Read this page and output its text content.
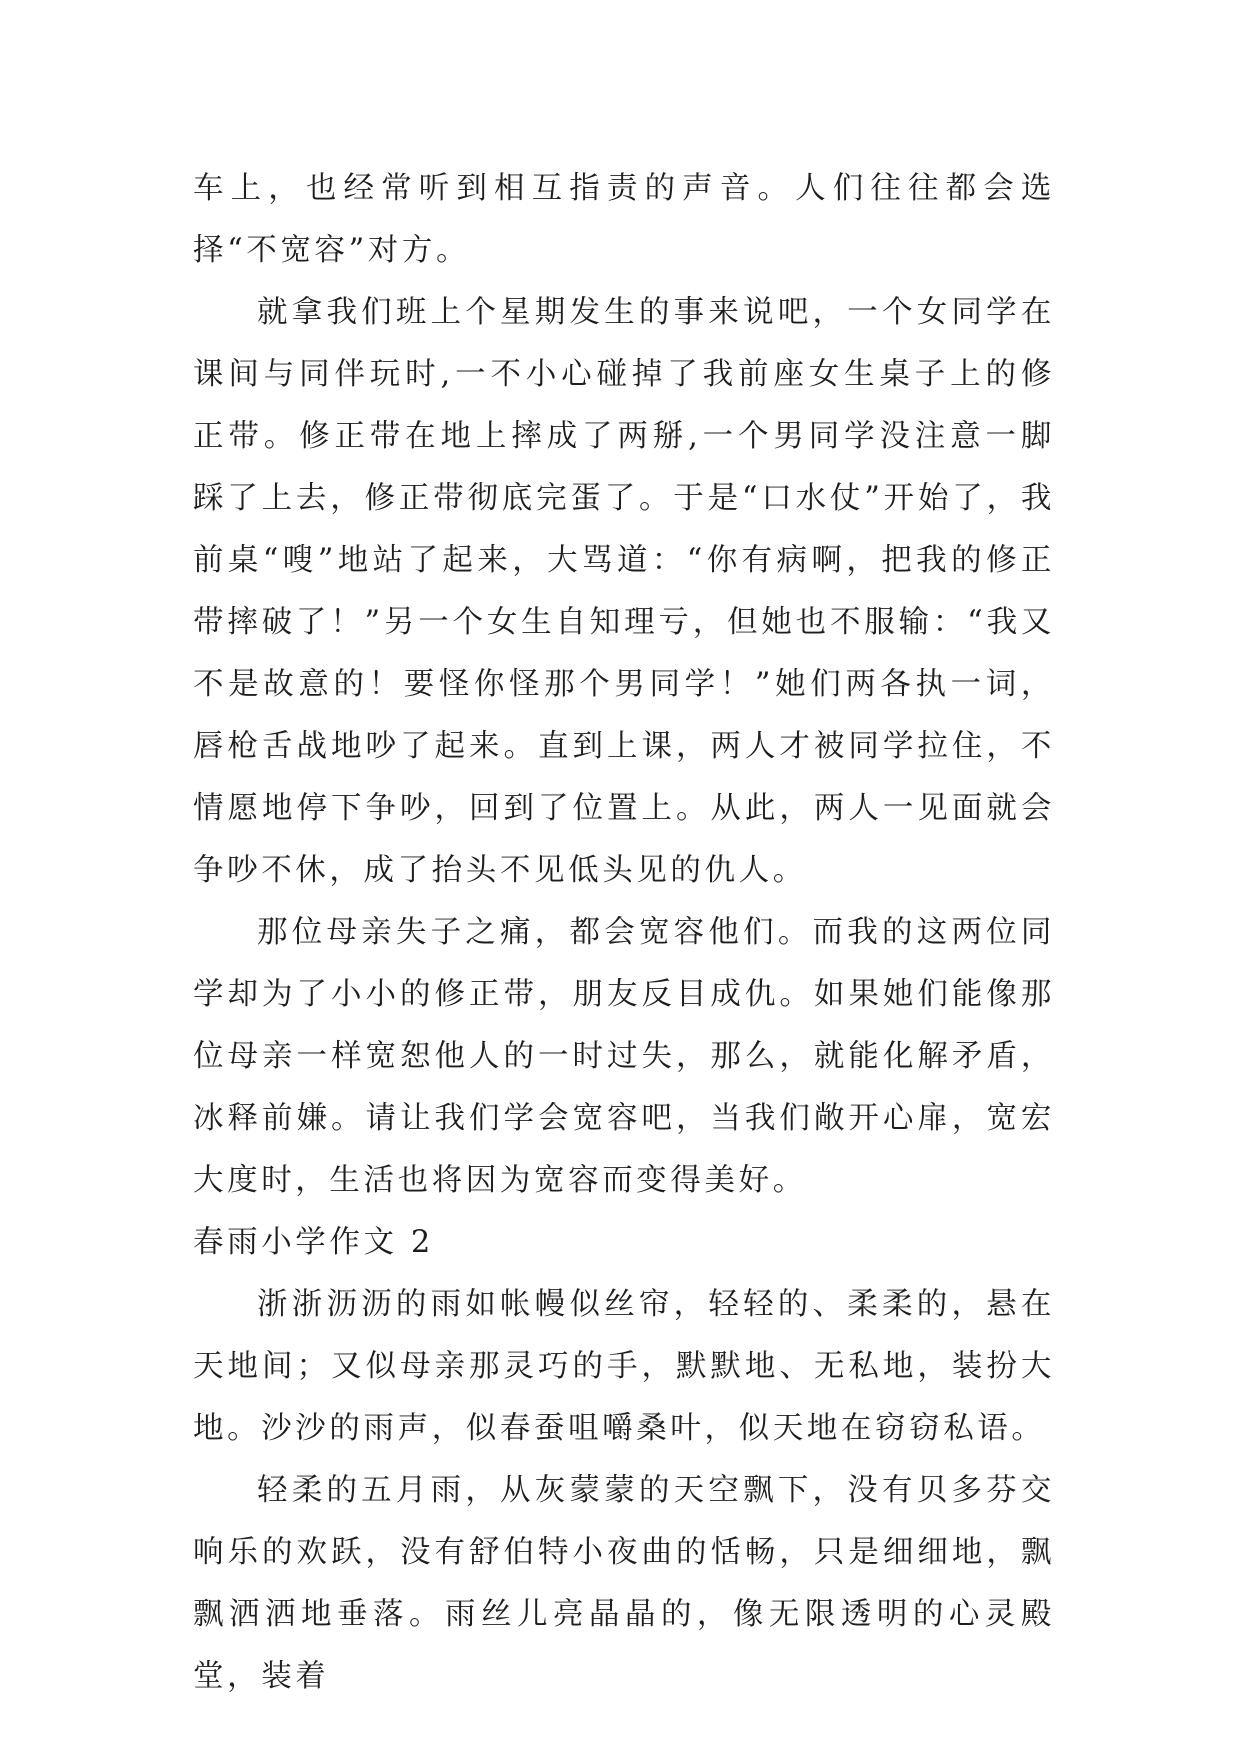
车上，也经常听到相互指责的声音。人们往往都会选择“不宽容”对方。

就拿我们班上个星期发生的事来说吧，一个女同学在课间与同伴玩时,一不小心碰掉了我前座女生桌子上的修正带。修正带在地上摔成了两掰,一个男同学没注意一脚踩了上去，修正带彻底完蛋了。于是“口水仗”开始了，我前桌“嗖”地站了起来，大骂道：“你有病啊，把我的修正带摔破了！”另一个女生自知理亏，但她也不服输：“我又不是故意的！要怪你怪那个男同学！”她们两各执一词，唇枪舌战地吵了起来。直到上课，两人才被同学拉住，不情愿地停下争吵，回到了位置上。从此，两人一见面就会争吵不休，成了抬头不见低头见的仇人。

那位母亲失子之痛，都会宽容他们。而我的这两位同学却为了小小的修正带，朋友反目成仇。如果她们能像那位母亲一样宽恕他人的一时过失，那么，就能化解矛盾，冰释前嫌。请让我们学会宽容吧，当我们敞开心扉，宽宏大度时，生活也将因为宽容而变得美好。

春雨小学作文 2

浙浙沥沥的雨如帐幔似丝帘，轻轻的、柔柔的，悬在天地间；又似母亲那灵巧的手，默默地、无私地，装扮大地。沙沙的雨声，似春蚕咀嚼桑叶，似天地在窃窃私语。

轻柔的五月雨，从灰蒙蒙的天空飘下，没有贝多芬交响乐的欢跃，没有舒伯特小夜曲的恬畅，只是细细地，飘飘洒洒地垂落。雨丝儿亮晶晶的，像无限透明的心灵殿堂，装着
